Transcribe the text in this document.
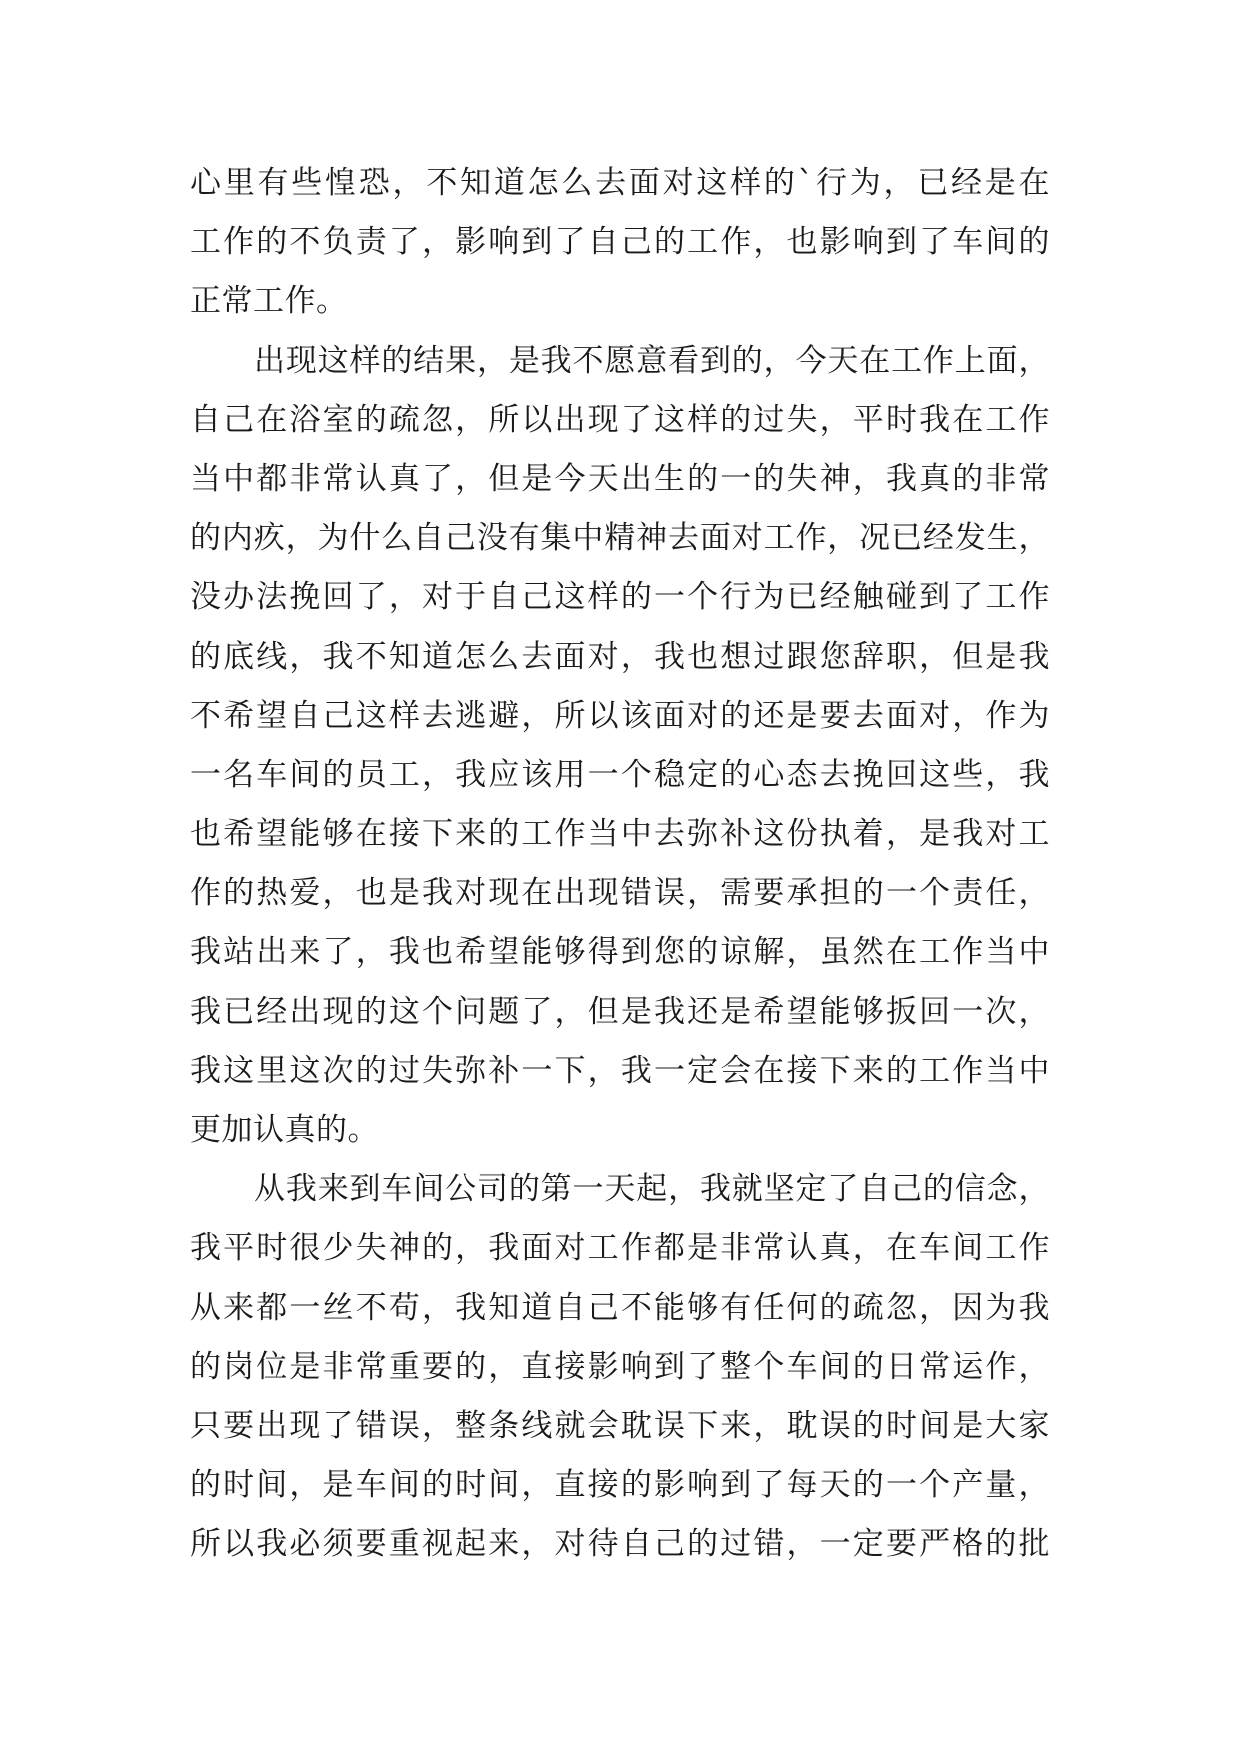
心里有些惶恐，不知道怎么去面对这样的`行为，已经是在
工作的不负责了，影响到了自己的工作，也影响到了车间的
正常工作。
出现这样的结果，是我不愿意看到的，今天在工作上面，
自己在浴室的疏忽，所以出现了这样的过失，平时我在工作
当中都非常认真了，但是今天出生的一的失神，我真的非常
的内疚，为什么自己没有集中精神去面对工作，况已经发生，
没办法挽回了，对于自己这样的一个行为已经触碰到了工作
的底线，我不知道怎么去面对，我也想过跟您辞职，但是我
不希望自己这样去逃避，所以该面对的还是要去面对，作为
一名车间的员工，我应该用一个稳定的心态去挽回这些，我
也希望能够在接下来的工作当中去弥补这份执着，是我对工
作的热爱，也是我对现在出现错误，需要承担的一个责任，
我站出来了，我也希望能够得到您的谅解，虽然在工作当中
我已经出现的这个问题了，但是我还是希望能够扳回一次，
我这里这次的过失弥补一下，我一定会在接下来的工作当中
更加认真的。
从我来到车间公司的第一天起，我就坚定了自己的信念，
我平时很少失神的，我面对工作都是非常认真，在车间工作
从来都一丝不苟，我知道自己不能够有任何的疏忽，因为我
的岗位是非常重要的，直接影响到了整个车间的日常运作，
只要出现了错误，整条线就会耽误下来，耽误的时间是大家
的时间，是车间的时间，直接的影响到了每天的一个产量，
所以我必须要重视起来，对待自己的过错，一定要严格的批
